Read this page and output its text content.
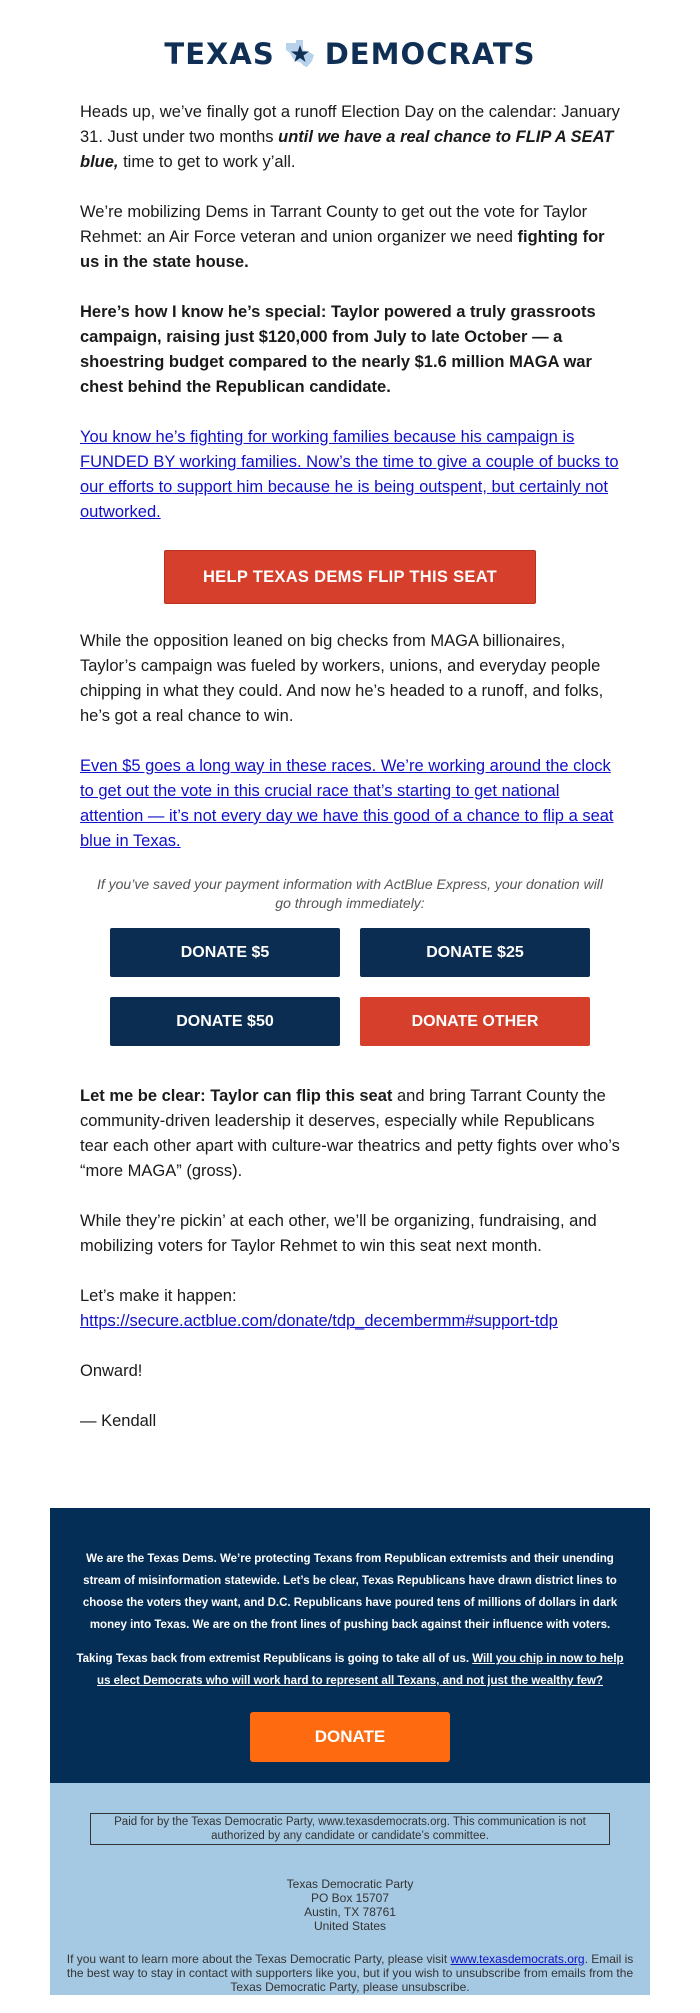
TEXAS DEMOCRATS

Heads up, we’ve finally got a runoff Election Day on the calendar: January 31. Just under two months until we have a real chance to FLIP A SEAT blue, time to get to work y’all.

We’re mobilizing Dems in Tarrant County to get out the vote for Taylor Rehmet: an Air Force veteran and union organizer we need fighting for us in the state house.

Here’s how I know he’s special: Taylor powered a truly grassroots campaign, raising just $120,000 from July to late October — a shoestring budget compared to the nearly $1.6 million MAGA war chest behind the Republican candidate.

You know he’s fighting for working families because his campaign is FUNDED BY working families. Now’s the time to give a couple of bucks to our efforts to support him because he is being outspent, but certainly not outworked.

HELP TEXAS DEMS FLIP THIS SEAT

While the opposition leaned on big checks from MAGA billionaires, Taylor’s campaign was fueled by workers, unions, and everyday people chipping in what they could. And now he’s headed to a runoff, and folks, he’s got a real chance to win.

Even $5 goes a long way in these races. We’re working around the clock to get out the vote in this crucial race that’s starting to get national attention — it’s not every day we have this good of a chance to flip a seat blue in Texas.

If you’ve saved your payment information with ActBlue Express, your donation will go through immediately:
DONATE $5	DONATE $25
DONATE $50	DONATE OTHER

Let me be clear: Taylor can flip this seat and bring Tarrant County the community-driven leadership it deserves, especially while Republicans tear each other apart with culture-war theatrics and petty fights over who’s “more MAGA” (gross).

While they’re pickin’ at each other, we’ll be organizing, fundraising, and mobilizing voters for Taylor Rehmet to win this seat next month.

Let’s make it happen:
https://secure.actblue.com/donate/tdp_decembermm#support-tdp

Onward!

— Kendall

We are the Texas Dems. We’re protecting Texans from Republican extremists and their unending stream of misinformation statewide. Let’s be clear, Texas Republicans have drawn district lines to choose the voters they want, and D.C. Republicans have poured tens of millions of dollars in dark money into Texas. We are on the front lines of pushing back against their influence with voters.
Taking Texas back from extremist Republicans is going to take all of us. Will you chip in now to help us elect Democrats who will work hard to represent all Texans, and not just the wealthy few?
DONATE
Paid for by the Texas Democratic Party, www.texasdemocrats.org. This communication is not authorized by any candidate or candidate’s committee.
Texas Democratic Party
PO Box 15707
Austin, TX 78761
United States
If you want to learn more about the Texas Democratic Party, please visit www.texasdemocrats.org. Email is the best way to stay in contact with supporters like you, but if you wish to unsubscribe from emails from the Texas Democratic Party, please unsubscribe.
